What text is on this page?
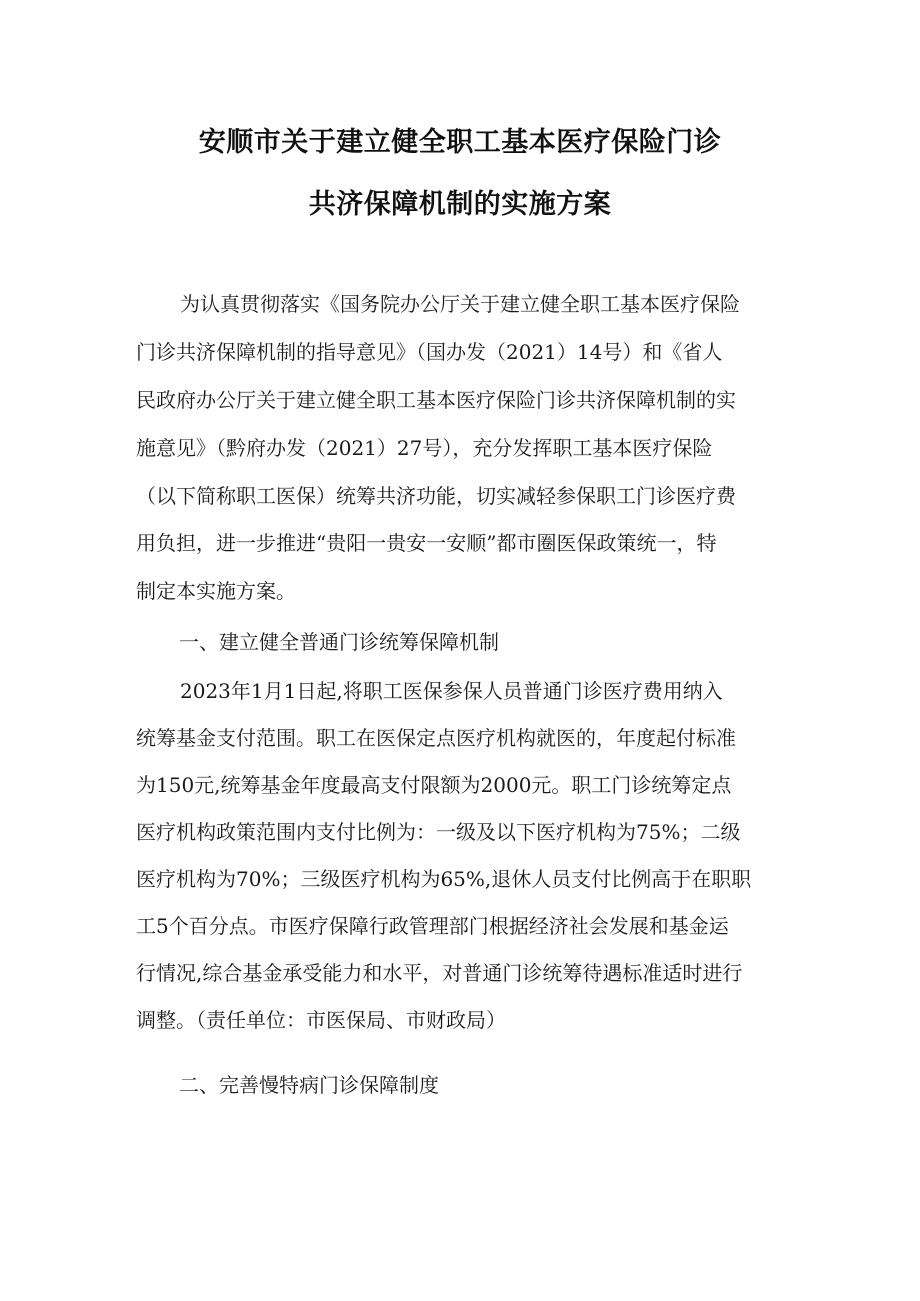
安顺市关于建立健全职工基本医疗保险门诊
共济保障机制的实施方案
为认真贯彻落实《国务院办公厅关于建立健全职工基本医疗保险
门诊共济保障机制的指导意见》（国办发（2021）14号）和《省人
民政府办公厅关于建立健全职工基本医疗保险门诊共济保障机制的实
施意见》（黔府办发（2021）27号），充分发挥职工基本医疗保险
（以下简称职工医保）统筹共济功能，切实减轻参保职工门诊医疗费
用负担，进一步推进“贵阳一贵安一安顺”都市圈医保政策统一，特
制定本实施方案。
一、建立健全普通门诊统筹保障机制
2023年1月1日起,将职工医保参保人员普通门诊医疗费用纳入
统筹基金支付范围。职工在医保定点医疗机构就医的，年度起付标准
为150元,统筹基金年度最高支付限额为2000元。职工门诊统筹定点
医疗机构政策范围内支付比例为：一级及以下医疗机构为75%；二级
医疗机构为70%；三级医疗机构为65%,退休人员支付比例高于在职职
工5个百分点。市医疗保障行政管理部门根据经济社会发展和基金运
行情况,综合基金承受能力和水平，对普通门诊统筹待遇标准适时进行
调整。（责任单位：市医保局、市财政局）
二、完善慢特病门诊保障制度
